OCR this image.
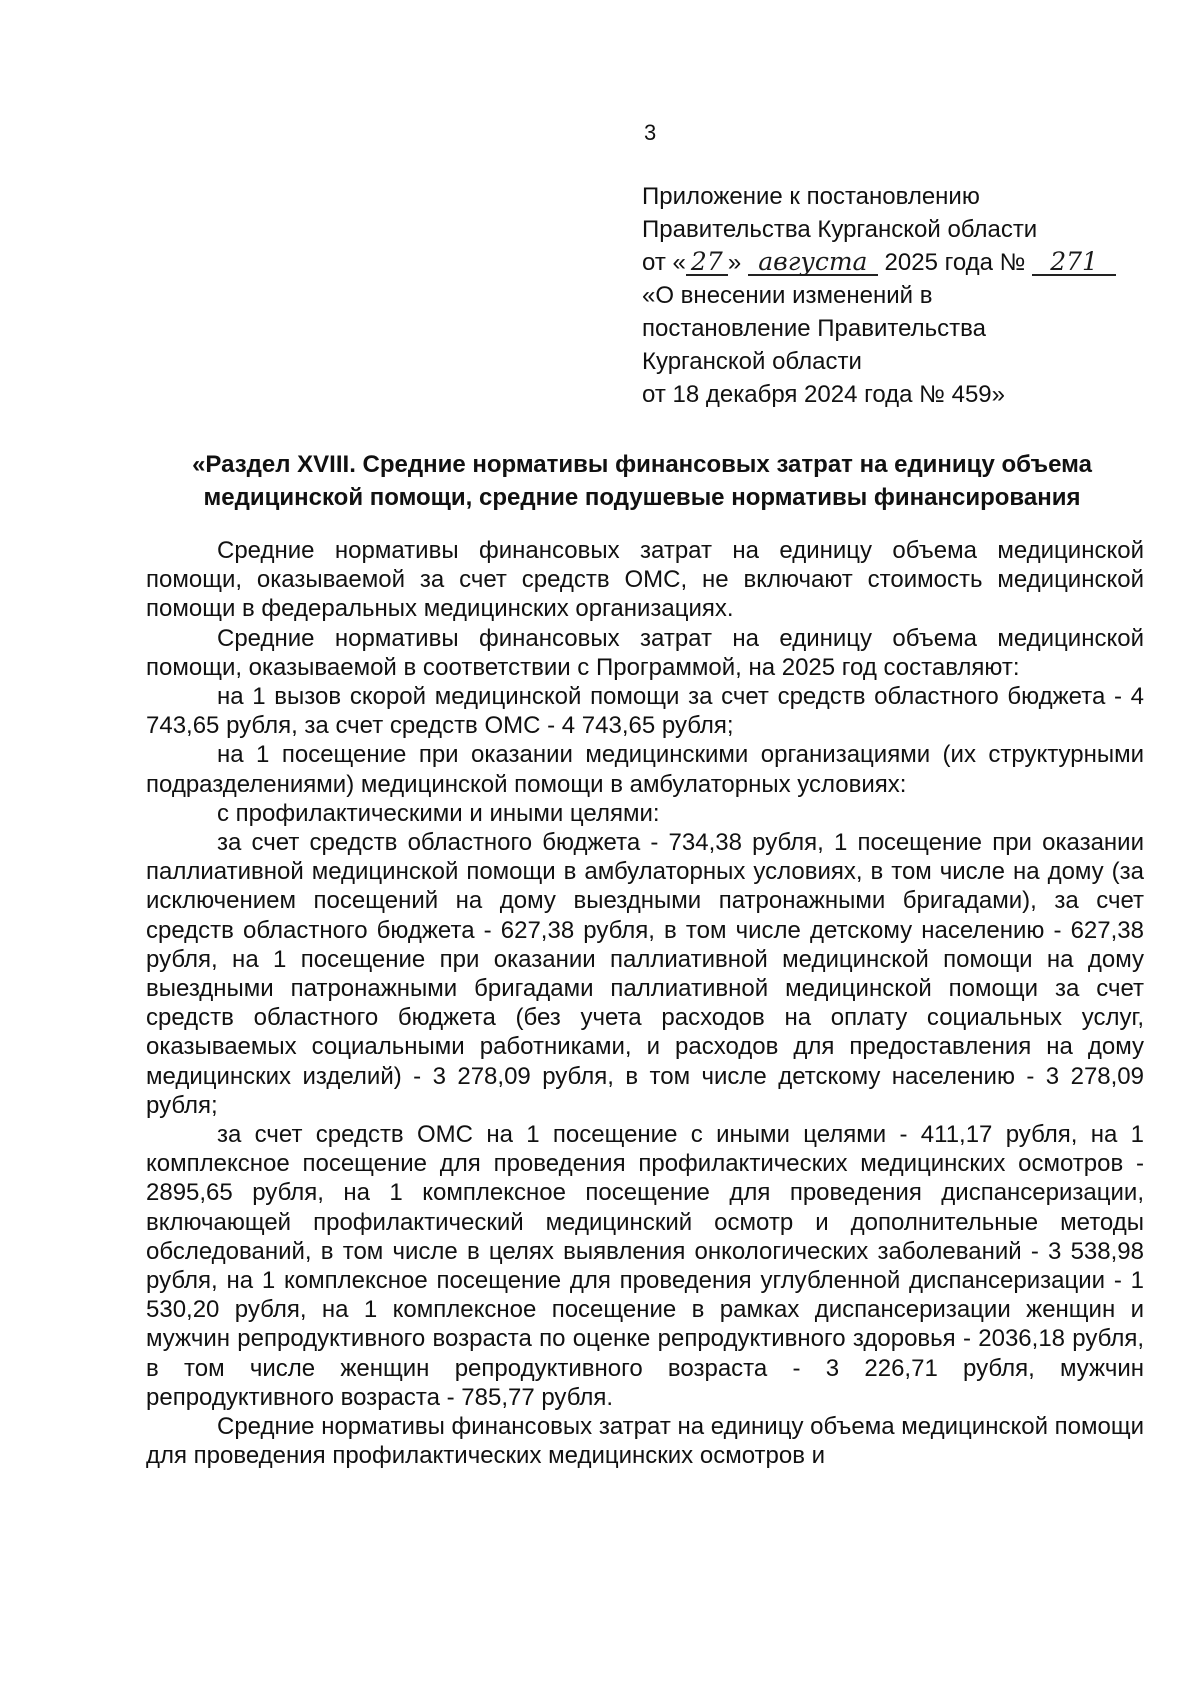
3
Приложение к постановлению
Правительства Курганской области
от « 27 » августа 2025 года № 271
«О внесении изменений в
постановление Правительства
Курганской области
от 18 декабря 2024 года № 459»
«Раздел XVIII. Средние нормативы финансовых затрат на единицу объема медицинской помощи, средние подушевые нормативы финансирования

Средние нормативы финансовых затрат на единицу объема медицинской помощи, оказываемой за счет средств ОМС, не включают стоимость медицинской помощи в федеральных медицинских организациях.

Средние нормативы финансовых затрат на единицу объема медицинской помощи, оказываемой в соответствии с Программой, на 2025 год составляют:

на 1 вызов скорой медицинской помощи за счет средств областного бюджета - 4 743,65 рубля, за счет средств ОМС - 4 743,65 рубля;

на 1 посещение при оказании медицинскими организациями (их структурными подразделениями) медицинской помощи в амбулаторных условиях:

с профилактическими и иными целями:

за счет средств областного бюджета - 734,38 рубля, 1 посещение при оказании паллиативной медицинской помощи в амбулаторных условиях, в том числе на дому (за исключением посещений на дому выездными патронажными бригадами), за счет средств областного бюджета - 627,38 рубля, в том числе детскому населению - 627,38 рубля, на 1 посещение при оказании паллиативной медицинской помощи на дому выездными патронажными бригадами паллиативной медицинской помощи за счет средств областного бюджета (без учета расходов на оплату социальных услуг, оказываемых социальными работниками, и расходов для предоставления на дому медицинских изделий) - 3 278,09 рубля, в том числе детскому населению - 3 278,09 рубля;

за счет средств ОМС на 1 посещение с иными целями - 411,17 рубля, на 1 комплексное посещение для проведения профилактических медицинских осмотров - 2895,65 рубля, на 1 комплексное посещение для проведения диспансеризации, включающей профилактический медицинский осмотр и дополнительные методы обследований, в том числе в целях выявления онкологических заболеваний - 3 538,98 рубля, на 1 комплексное посещение для проведения углубленной диспансеризации - 1 530,20 рубля, на 1 комплексное посещение в рамках диспансеризации женщин и мужчин репродуктивного возраста по оценке репродуктивного здоровья - 2036,18 рубля, в том числе женщин репродуктивного возраста - 3 226,71 рубля, мужчин репродуктивного возраста - 785,77 рубля.

Средние нормативы финансовых затрат на единицу объема медицинской помощи для проведения профилактических медицинских осмотров и
